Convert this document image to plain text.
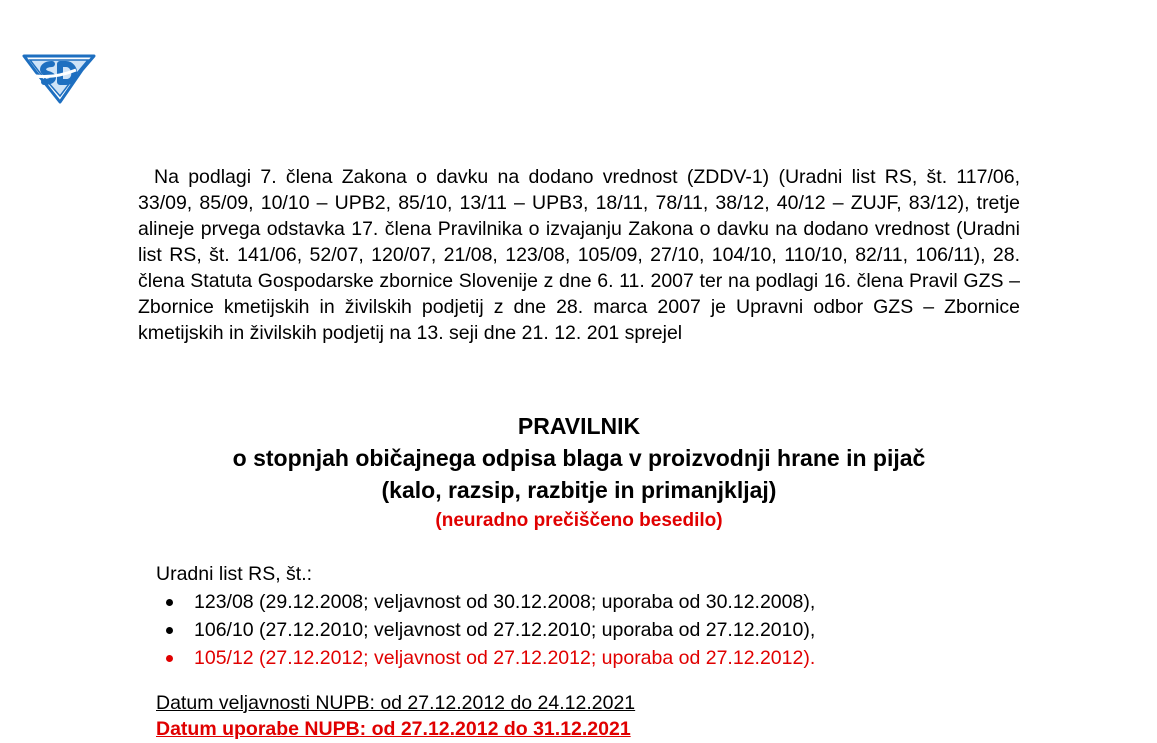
Na podlagi 7. člena Zakona o davku na dodano vrednost (ZDDV-1) (Uradni list RS, št. 117/06, 33/09, 85/09, 10/10 – UPB2, 85/10, 13/11 – UPB3, 18/11, 78/11, 38/12, 40/12 – ZUJF, 83/12), tretje alineje prvega odstavka 17. člena Pravilnika o izvajanju Zakona o davku na dodano vrednost (Uradni list RS, št. 141/06, 52/07, 120/07, 21/08, 123/08, 105/09, 27/10, 104/10, 110/10, 82/11, 106/11), 28. člena Statuta Gospodarske zbornice Slovenije z dne 6. 11. 2007 ter na podlagi 16. člena Pravil GZS – Zbornice kmetijskih in živilskih podjetij z dne 28. marca 2007 je Upravni odbor GZS – Zbornice kmetijskih in živilskih podjetij na 13. seji dne 21. 12. 201 sprejel

PRAVILNIK
o stopnjah običajnega odpisa blaga v proizvodnji hrane in pijač
(kalo, razsip, razbitje in primanjkljaj)
(neuradno prečiščeno besedilo)
Uradni list RS, št.:
123/08 (29.12.2008; veljavnost od 30.12.2008; uporaba od 30.12.2008),
106/10 (27.12.2010; veljavnost od 27.12.2010; uporaba od 27.12.2010),
105/12 (27.12.2012; veljavnost od 27.12.2012; uporaba od 27.12.2012).
Datum veljavnosti NUPB: od 27.12.2012 do 24.12.2021
Datum uporabe NUPB: od 27.12.2012 do 31.12.2021
